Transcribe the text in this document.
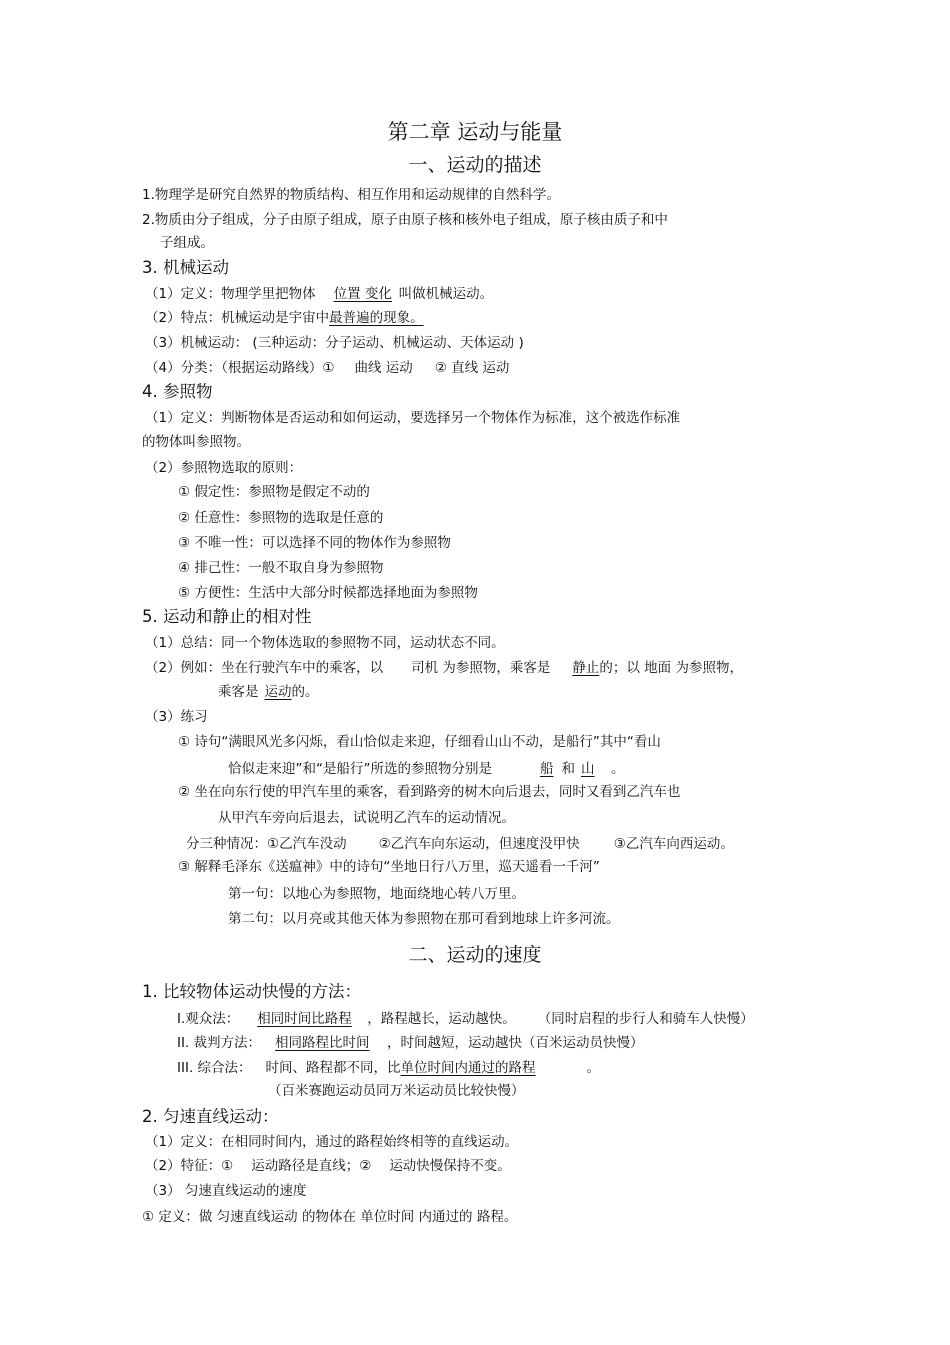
第二章 运动与能量
一、运动的描述
1.物理学是研究自然界的物质结构、相互作用和运动规律的自然科学。
2.物质由分子组成，分子由原子组成，原子由原子核和核外电子组成，原子核由质子和中
子组成。
3. 机械运动
（1）定义：物理学里把物体 位置 变化 叫做机械运动。
（2）特点：机械运动是宇宙中最普遍的现象。
（3）机械运动： (三种运动：分子运动、机械运动、天体运动 )
（4）分类：（根据运动路线）① 曲线 运动 ② 直线 运动
4. 参照物
（1）定义：判断物体是否运动和如何运动，要选择另一个物体作为标准，这个被选作标准
的物体叫参照物。
（2）参照物选取的原则：
① 假定性：参照物是假定不动的
② 任意性：参照物的选取是任意的
③ 不唯一性：可以选择不同的物体作为参照物
④ 排己性：一般不取自身为参照物
⑤ 方便性：生活中大部分时候都选择地面为参照物
5. 运动和静止的相对性
（1）总结：同一个物体选取的参照物不同，运动状态不同。
（2）例如：坐在行驶汽车中的乘客，以 司机 为参照物，乘客是 静止的；以 地面 为参照物，
乘客是 运动的。
（3）练习
① 诗句“满眼风光多闪烁，看山恰似走来迎，仔细看山山不动，是船行”其中“看山
恰似走来迎”和“是船行”所选的参照物分别是	船 和 山 。
② 坐在向东行使的甲汽车里的乘客，看到路旁的树木向后退去，同时又看到乙汽车也
从甲汽车旁向后退去，试说明乙汽车的运动情况。
分三种情况：①乙汽车没动 ②乙汽车向东运动，但速度没甲快	③乙汽车向西运动。
③ 解释毛泽东《送瘟神》中的诗句“坐地日行八万里，巡天遥看一千河”
第一句：以地心为参照物，地面绕地心转八万里。
第二句：以月亮或其他天体为参照物在那可看到地球上许多河流。
二、运动的速度
1. 比较物体运动快慢的方法：
I.观众法： 相同时间比路程 ，路程越长，运动越快。 （同时启程的步行人和骑车人快慢）
II. 裁判方法： 相同路程比时间 ，时间越短，运动越快（百米运动员快慢）
III. 综合法： 时间、路程都不同，比单位时间内通过的路程	。
（百米赛跑运动员同万米运动员比较快慢）
2. 匀速直线运动：
（1）定义：在相同时间内，通过的路程始终相等的直线运动。
（2）特征：① 运动路径是直线；② 运动快慢保持不变。
（3） 匀速直线运动的速度
① 定义：做 匀速直线运动 的物体在 单位时间 内通过的 路程。
